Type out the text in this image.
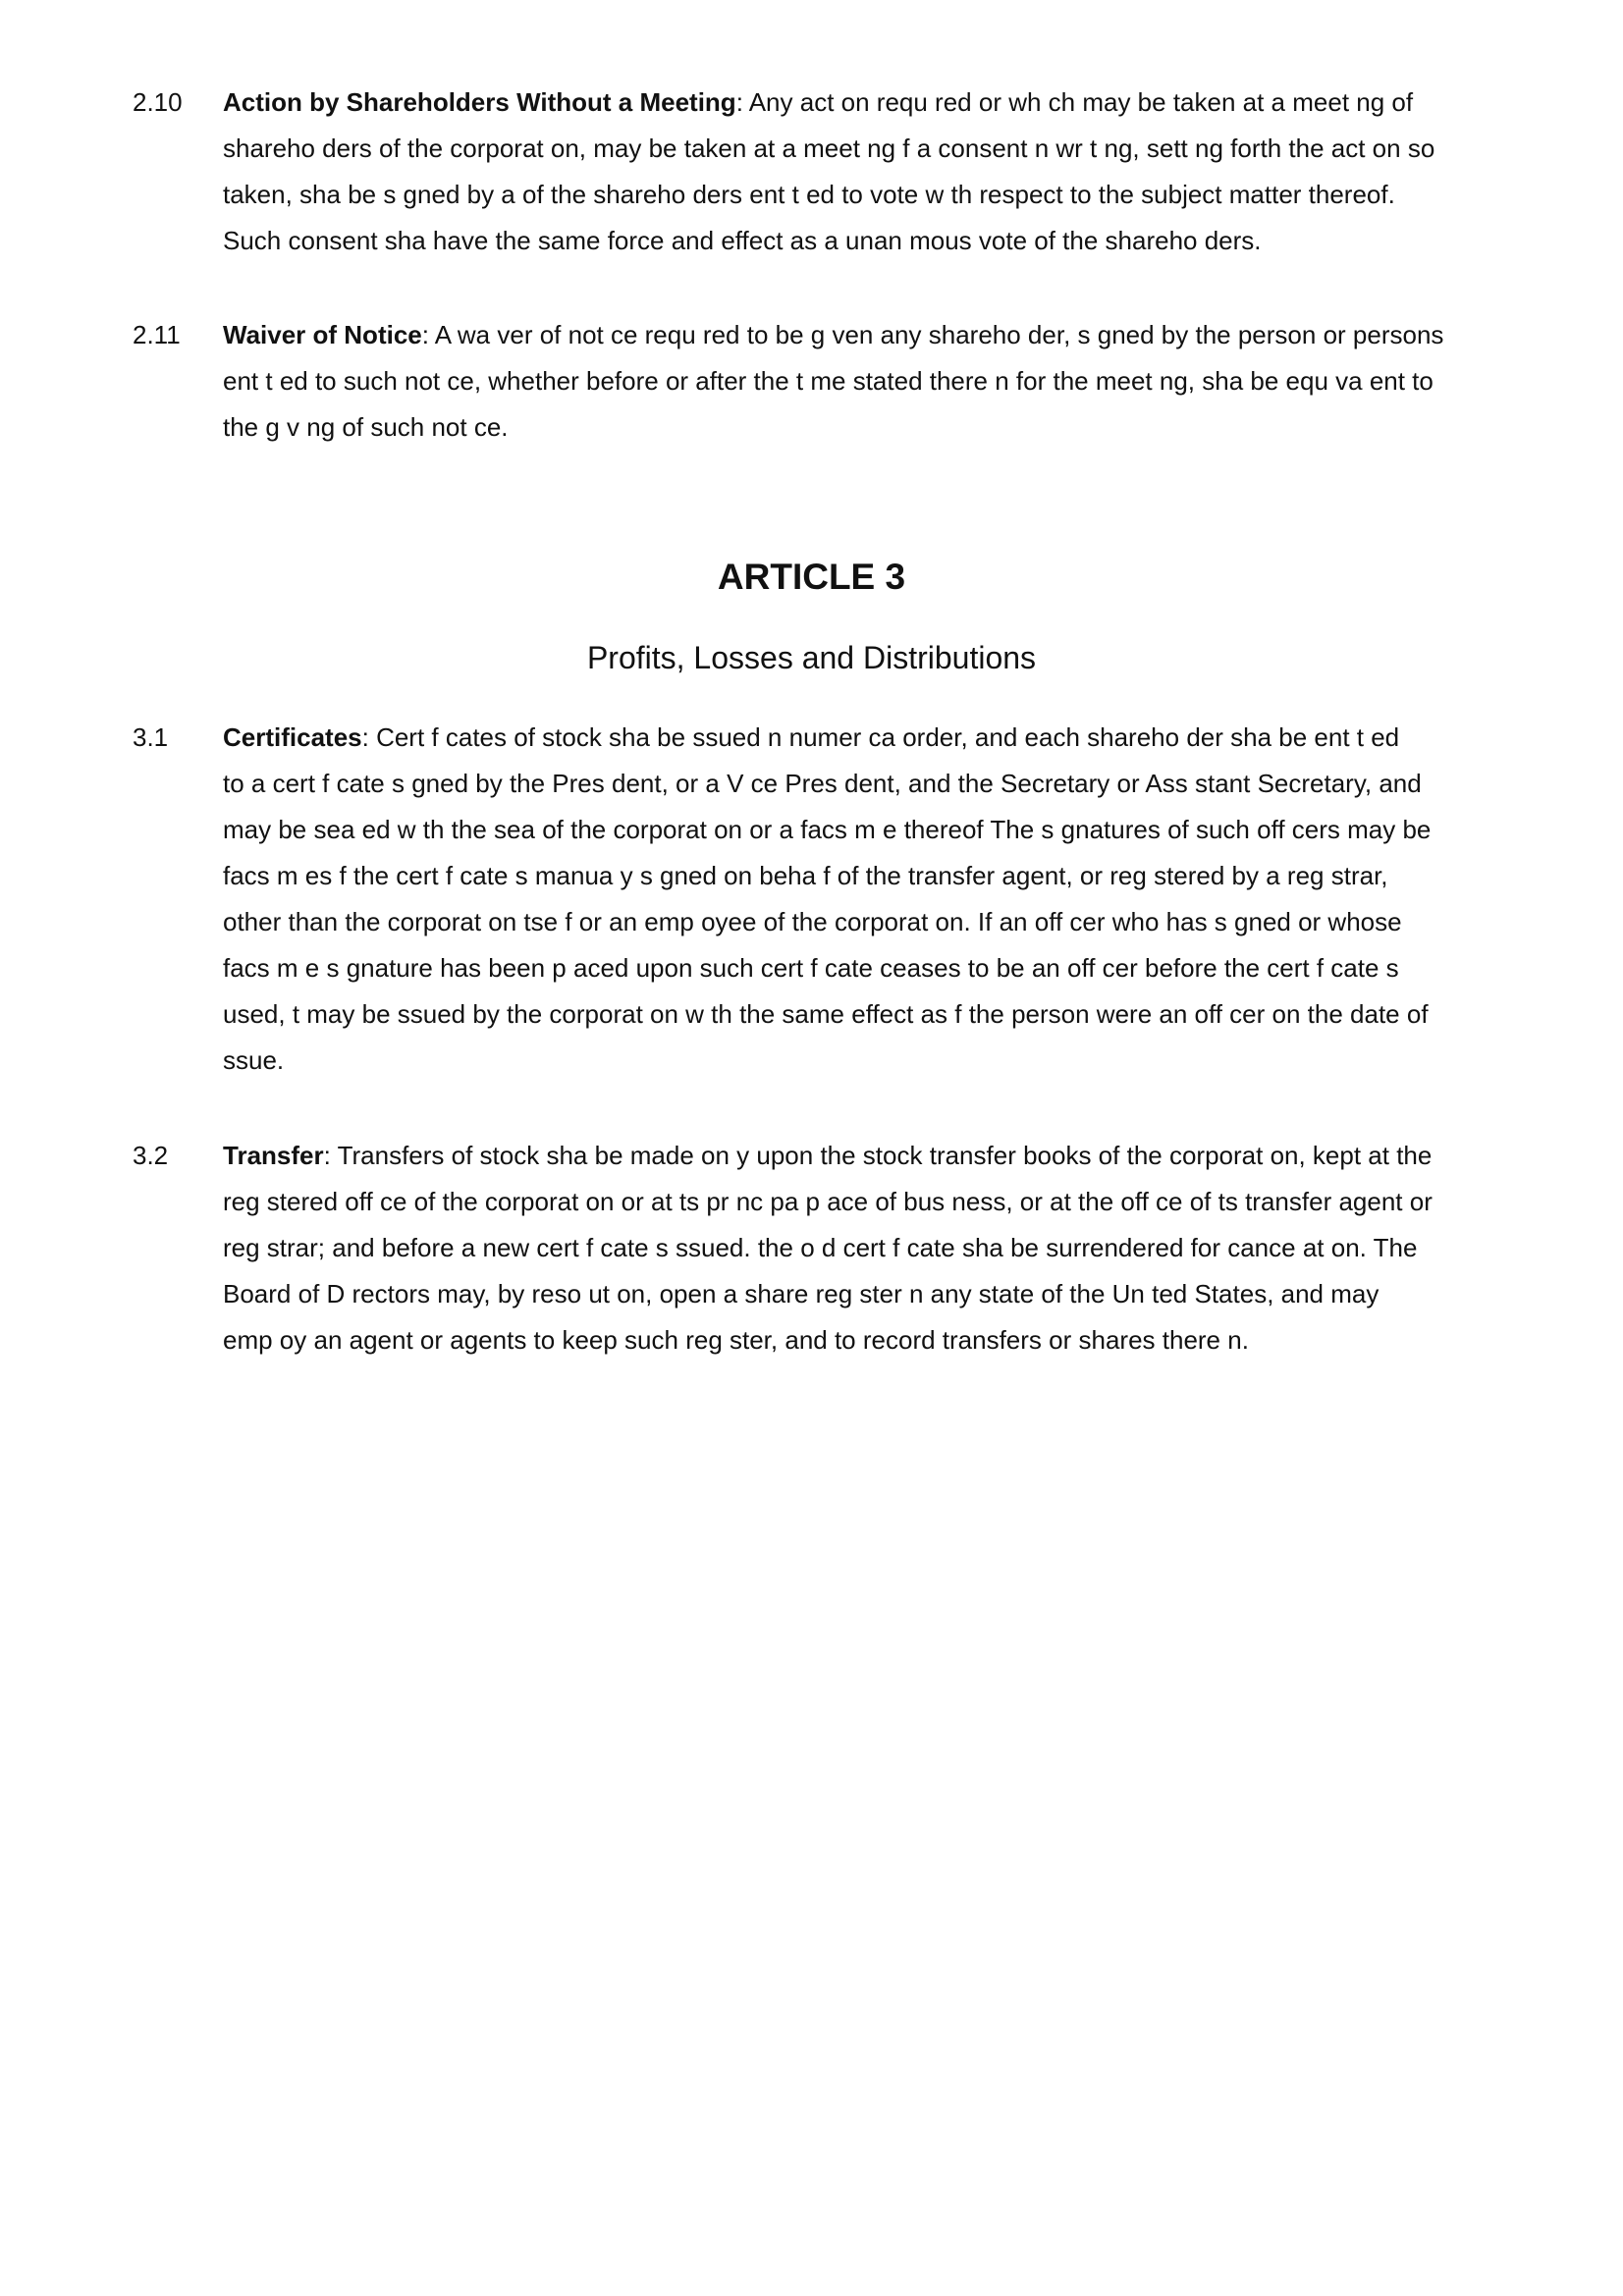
2.10 Action by Shareholders Without a Meeting: Any act on requ red or wh ch may be taken at a meet ng of
shareho ders of the corporat on, may be taken at a meet ng f a consent n wr t ng, sett ng forth the act on so
taken, sha be s gned by a of the shareho ders ent t ed to vote w th respect to the subject matter thereof.
Such consent sha have the same force and effect as a unan mous vote of the shareho ders.
2.11 Waiver of Notice: A wa ver of not ce requ red to be g ven any shareho der, s gned by the person or persons
ent t ed to such not ce, whether before or after the t me stated there n for the meet ng, sha be equ va ent to
the g v ng of such not ce.
ARTICLE 3
Profits, Losses and Distributions
3.1 Certificates: Cert f cates of stock sha be ssued n numer ca order, and each shareho der sha be ent t ed
to a cert f cate s gned by the Pres dent, or a V ce Pres dent, and the Secretary or Ass stant Secretary, and
may be sea ed w th the sea of the corporat on or a facs m e thereof The s gnatures of such off cers may be
facs m es f the cert f cate s manua y s gned on beha f of the transfer agent, or reg stered by a reg strar,
other than the corporat on tse f or an emp oyee of the corporat on. If an off cer who has s gned or whose
facs m e s gnature has been p aced upon such cert f cate ceases to be an off cer before the cert f cate s
used, t may be ssued by the corporat on w th the same effect as f the person were an off cer on the date of
ssue.
3.2 Transfer: Transfers of stock sha be made on y upon the stock transfer books of the corporat on, kept at the
reg stered off ce of the corporat on or at ts pr nc pa p ace of bus ness, or at the off ce of ts transfer agent or
reg strar; and before a new cert f cate s ssued. the o d cert f cate sha be surrendered for cance at on. The
Board of D rectors may, by reso ut on, open a share reg ster n any state of the Un ted States, and may
emp oy an agent or agents to keep such reg ster, and to record transfers or shares there n.
